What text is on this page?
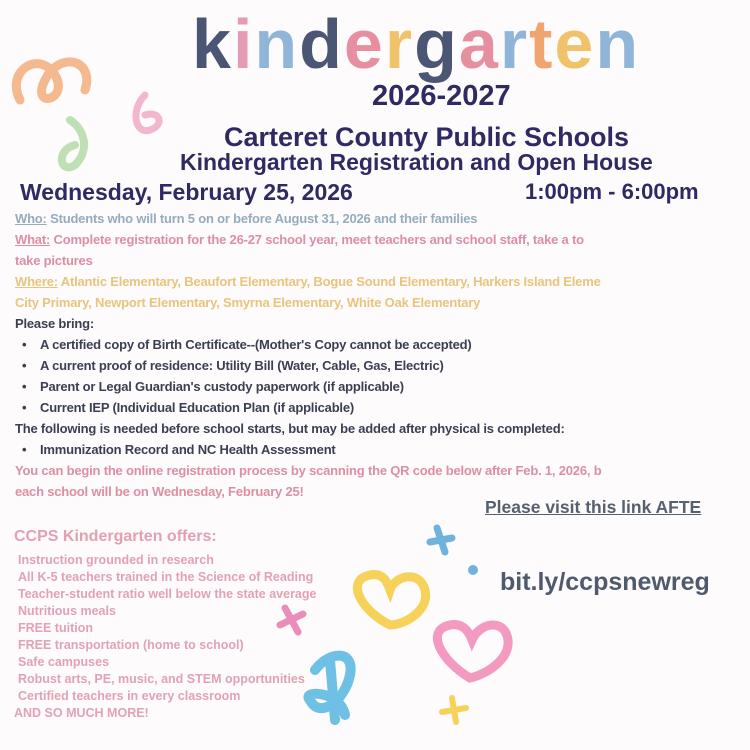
kindergarten
2026-2027
Carteret County Public Schools
Kindergarten Registration and Open House
Wednesday, February 25, 2026	1:00pm - 6:00pm
Who: Students who will turn 5 on or before August 31, 2026 and their families
What: Complete registration for the 26-27 school year, meet teachers and school staff, take a to
take pictures
Where: Atlantic Elementary, Beaufort Elementary, Bogue Sound Elementary, Harkers Island Eleme
City Primary, Newport Elementary, Smyrna Elementary, White Oak Elementary
Please bring:
A certified copy of Birth Certificate--(Mother's Copy cannot be accepted)
A current proof of residence: Utility Bill (Water, Cable, Gas, Electric)
Parent or Legal Guardian's custody paperwork (if applicable)
Current IEP (Individual Education Plan (if applicable)
The following is needed before school starts, but may be added after physical is completed:
Immunization Record and NC Health Assessment
You can begin the online registration process by scanning the QR code below after Feb. 1, 2026, b
each school will be on Wednesday, February 25!
Please visit this link AFTE
bit.ly/ccpsnewreg
CCPS Kindergarten offers:
Instruction grounded in research
All K-5 teachers trained in the Science of Reading
Teacher-student ratio well below the state average
Nutritious meals
FREE tuition
FREE transportation (home to school)
Safe campuses
Robust arts, PE, music, and STEM opportunities
Certified teachers in every classroom
AND SO MUCH MORE!
